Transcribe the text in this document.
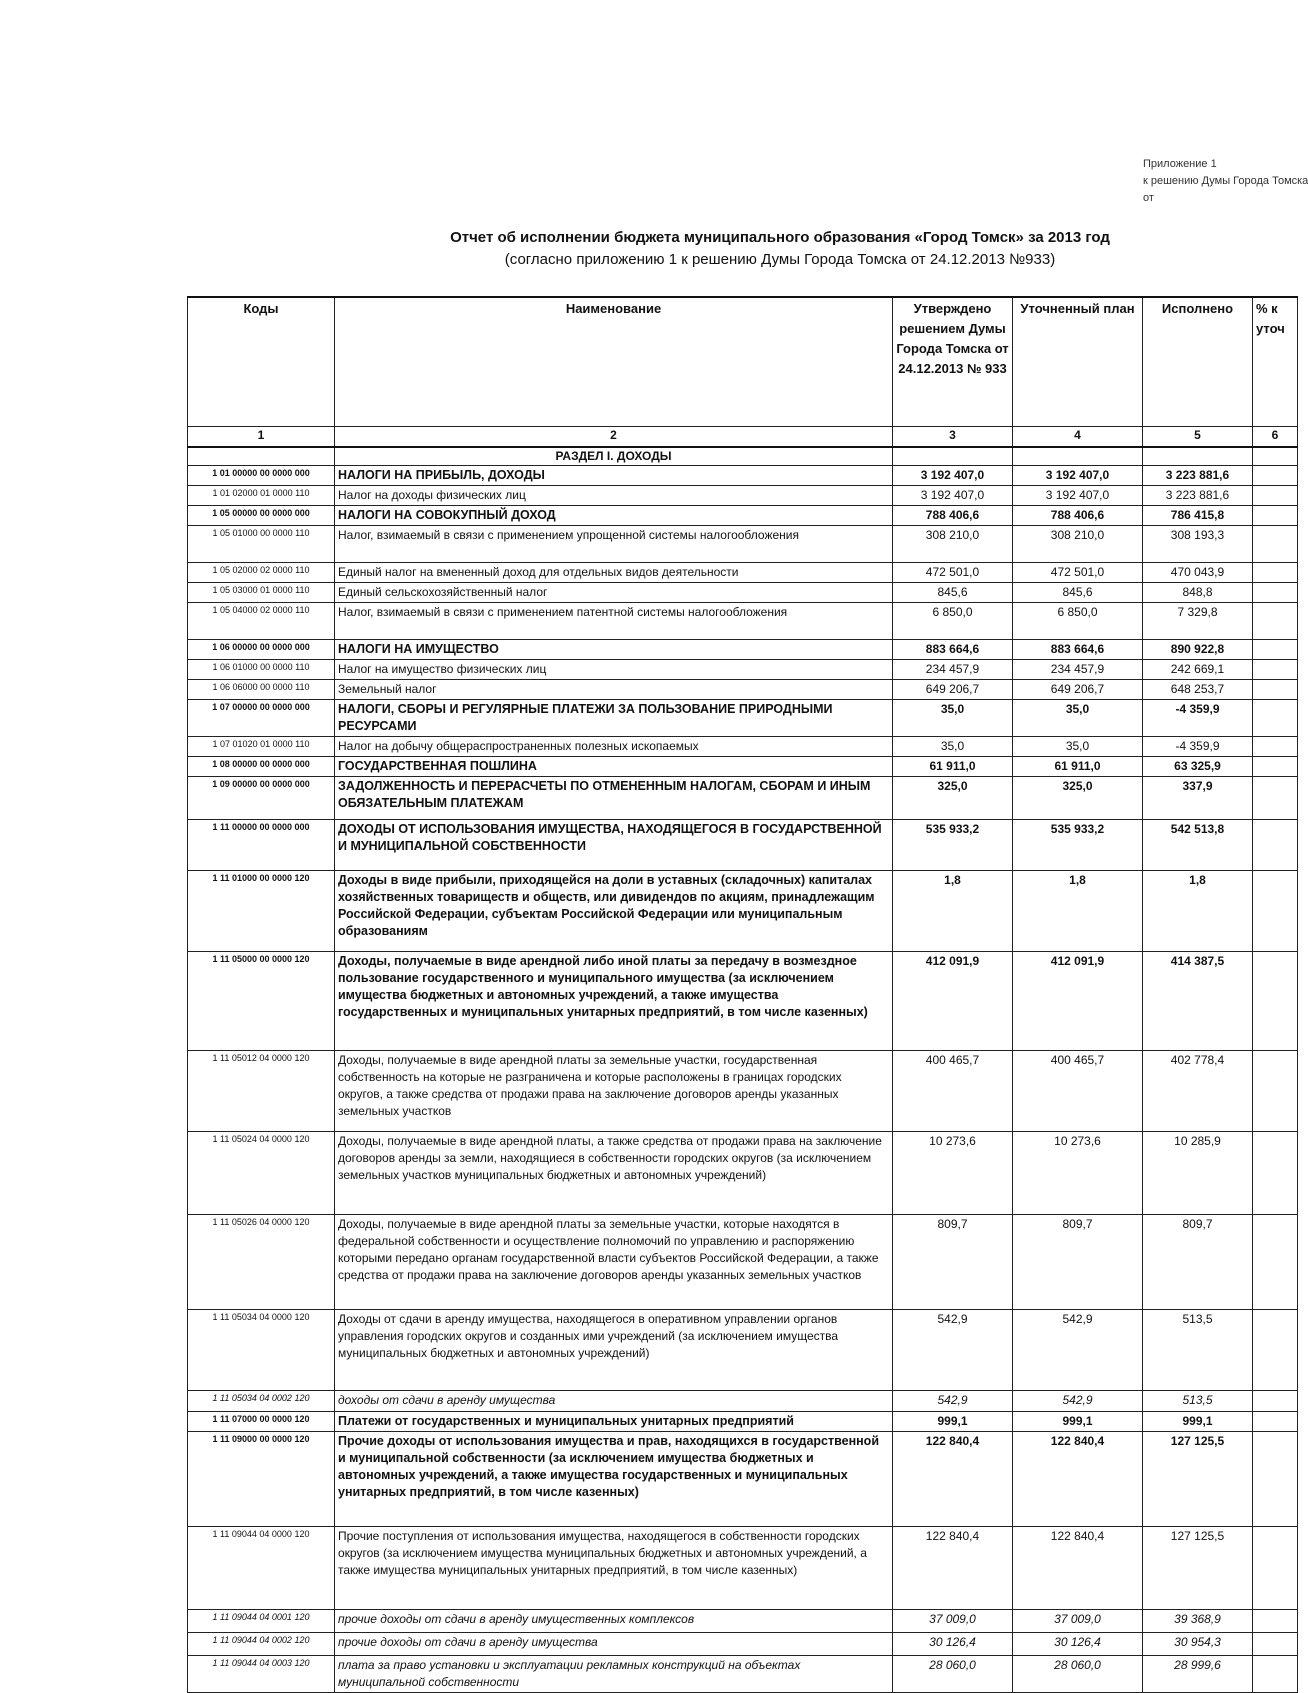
Приложение 1
к решению Думы Города Томска
от
Отчет об исполнении бюджета муниципального образования «Город Томск» за 2013 год
(согласно приложению 1 к решению Думы Города Томска от 24.12.2013 №933)
Коды	Наименование	Утверждено решением Думы Города Томска от 24.12.2013 № 933	Уточненный план	Исполнено	% к уточ
1	2	3	4	5	6
	РАЗДЕЛ I. ДОХОДЫ				
1 01 00000 00 0000 000	НАЛОГИ НА ПРИБЫЛЬ, ДОХОДЫ	3 192 407,0	3 192 407,0	3 223 881,6	
1 01 02000 01 0000 110	Налог на доходы физических лиц	3 192 407,0	3 192 407,0	3 223 881,6	
1 05 00000 00 0000 000	НАЛОГИ НА СОВОКУПНЫЙ ДОХОД	788 406,6	788 406,6	786 415,8	
1 05 01000 00 0000 110	Налог, взимаемый в связи с применением упрощенной системы налогообложения	308 210,0	308 210,0	308 193,3	
1 05 02000 02 0000 110	Единый налог на вмененный доход для отдельных видов деятельности	472 501,0	472 501,0	470 043,9	
1 05 03000 01 0000 110	Единый сельскохозяйственный налог	845,6	845,6	848,8	
1 05 04000 02 0000 110	Налог, взимаемый в связи с применением патентной системы налогообложения	6 850,0	6 850,0	7 329,8	
1 06 00000 00 0000 000	НАЛОГИ НА ИМУЩЕСТВО	883 664,6	883 664,6	890 922,8	
1 06 01000 00 0000 110	Налог на имущество физических лиц	234 457,9	234 457,9	242 669,1	
1 06 06000 00 0000 110	Земельный налог	649 206,7	649 206,7	648 253,7	
1 07 00000 00 0000 000	НАЛОГИ, СБОРЫ И РЕГУЛЯРНЫЕ ПЛАТЕЖИ ЗА ПОЛЬЗОВАНИЕ ПРИРОДНЫМИ РЕСУРСАМИ	35,0	35,0	-4 359,9	
1 07 01020 01 0000 110	Налог на добычу общераспространенных полезных ископаемых	35,0	35,0	-4 359,9	
1 08 00000 00 0000 000	ГОСУДАРСТВЕННАЯ ПОШЛИНА	61 911,0	61 911,0	63 325,9	
1 09 00000 00 0000 000	ЗАДОЛЖЕННОСТЬ И ПЕРЕРАСЧЕТЫ ПО ОТМЕНЕННЫМ НАЛОГАМ, СБОРАМ И ИНЫМ ОБЯЗАТЕЛЬНЫМ ПЛАТЕЖАМ	325,0	325,0	337,9	
1 11 00000 00 0000 000	ДОХОДЫ ОТ ИСПОЛЬЗОВАНИЯ ИМУЩЕСТВА, НАХОДЯЩЕГОСЯ В ГОСУДАРСТВЕННОЙ И МУНИЦИПАЛЬНОЙ СОБСТВЕННОСТИ	535 933,2	535 933,2	542 513,8	
1 11 01000 00 0000 120	Доходы в виде прибыли, приходящейся на доли в уставных (складочных) капиталах хозяйственных товариществ и обществ, или дивидендов по акциям, принадлежащим Российской Федерации, субъектам Российской Федерации или муниципальным образованиям	1,8	1,8	1,8	
1 11 05000 00 0000 120	Доходы, получаемые в виде арендной либо иной платы за передачу в возмездное пользование государственного и муниципального имущества (за исключением имущества бюджетных и автономных учреждений, а также имущества государственных и муниципальных унитарных предприятий, в том числе казенных)	412 091,9	412 091,9	414 387,5	
1 11 05012 04 0000 120	Доходы, получаемые в виде арендной платы за земельные участки, государственная собственность на которые не разграничена и которые расположены в границах городских округов, а также средства от продажи права на заключение договоров аренды указанных земельных участков	400 465,7	400 465,7	402 778,4	
1 11 05024 04 0000 120	Доходы, получаемые в виде арендной платы, а также средства от продажи права на заключение договоров аренды за земли, находящиеся в собственности городских округов (за исключением земельных участков муниципальных бюджетных и автономных учреждений)	10 273,6	10 273,6	10 285,9	
1 11 05026 04 0000 120	Доходы, получаемые в виде арендной платы за земельные участки, которые находятся в федеральной собственности и осуществление полномочий по управлению и распоряжению которыми передано органам государственной власти субъектов Российской Федерации, а также средства от продажи права на заключение договоров аренды указанных земельных участков	809,7	809,7	809,7	
1 11 05034 04 0000 120	Доходы от сдачи в аренду имущества, находящегося в оперативном управлении органов управления городских округов и созданных ими учреждений (за исключением имущества муниципальных бюджетных и автономных учреждений)	542,9	542,9	513,5	
1 11 05034 04 0002 120	доходы от сдачи в аренду имущества	542,9	542,9	513,5	
1 11 07000 00 0000 120	Платежи от государственных и муниципальных унитарных предприятий	999,1	999,1	999,1	
1 11 09000 00 0000 120	Прочие доходы от использования имущества и прав, находящихся в государственной и муниципальной собственности (за исключением имущества бюджетных и автономных учреждений, а также имущества государственных и муниципальных унитарных предприятий, в том числе казенных)	122 840,4	122 840,4	127 125,5	
1 11 09044 04 0000 120	Прочие поступления от использования имущества, находящегося в собственности городских округов (за исключением имущества муниципальных бюджетных и автономных учреждений, а также имущества муниципальных унитарных предприятий, в том числе казенных)	122 840,4	122 840,4	127 125,5	
1 11 09044 04 0001 120	прочие доходы от сдачи в аренду имущественных комплексов	37 009,0	37 009,0	39 368,9	
1 11 09044 04 0002 120	прочие доходы от сдачи в аренду имущества	30 126,4	30 126,4	30 954,3	
1 11 09044 04 0003 120	плата за право установки и эксплуатации рекламных конструкций на объектах муниципальной собственности	28 060,0	28 060,0	28 999,6	
